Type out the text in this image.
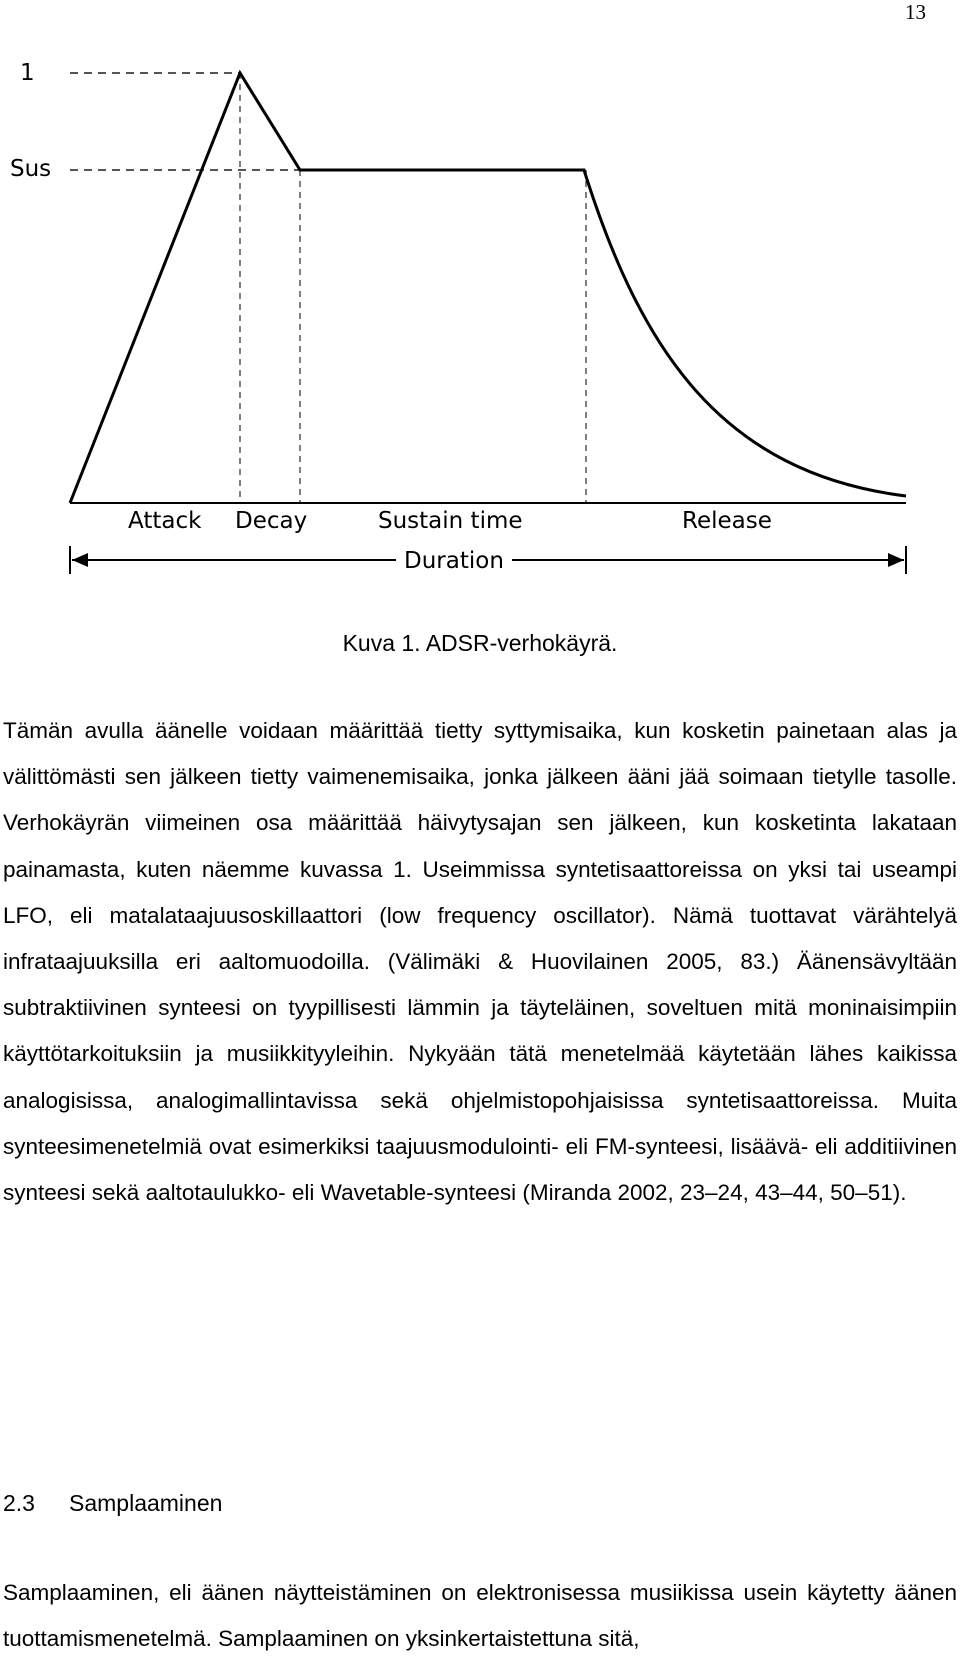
13
1
Sus
Attack Decay	Sustain time	Release
Duration
Kuva 1. ADSR-verhokäyrä.

Tämän avulla äänelle voidaan määrittää tietty syttymisaika, kun kosketin painetaan alas ja välittömästi sen jälkeen tietty vaimenemisaika, jonka jälkeen ääni jää soimaan tietylle tasolle. Verhokäyrän viimeinen osa määrittää häivytysajan sen jälkeen, kun kosketinta lakataan painamasta, kuten näemme kuvassa 1. Useimmissa syntetisaattoreissa on yksi tai useampi LFO, eli matalataajuusoskillaattori (low frequency oscillator). Nämä tuottavat värähtelyä infrataajuuksilla eri aaltomuodoilla. (Välimäki & Huovilainen 2005, 83.) Äänensävyltään subtraktiivinen synteesi on tyypillisesti lämmin ja täyteläinen, soveltuen mitä moninaisimpiin käyttötarkoituksiin ja musiikkityyleihin. Nykyään tätä menetelmää käytetään lähes kaikissa analogisissa, analogimallintavissa sekä ohjelmistopohjaisissa syntetisaattoreissa. Muita synteesimenetelmiä ovat esimerkiksi taajuusmodulointi- eli FM-synteesi, lisäävä- eli additiivinen synteesi sekä aaltotaulukko- eli Wavetable-synteesi (Miranda 2002, 23–24, 43–44, 50–51).

2.3 Samplaaminen

Samplaaminen, eli äänen näytteistäminen on elektronisessa musiikissa usein käytetty äänen tuottamismenetelmä. Samplaaminen on yksinkertaistettuna sitä,
